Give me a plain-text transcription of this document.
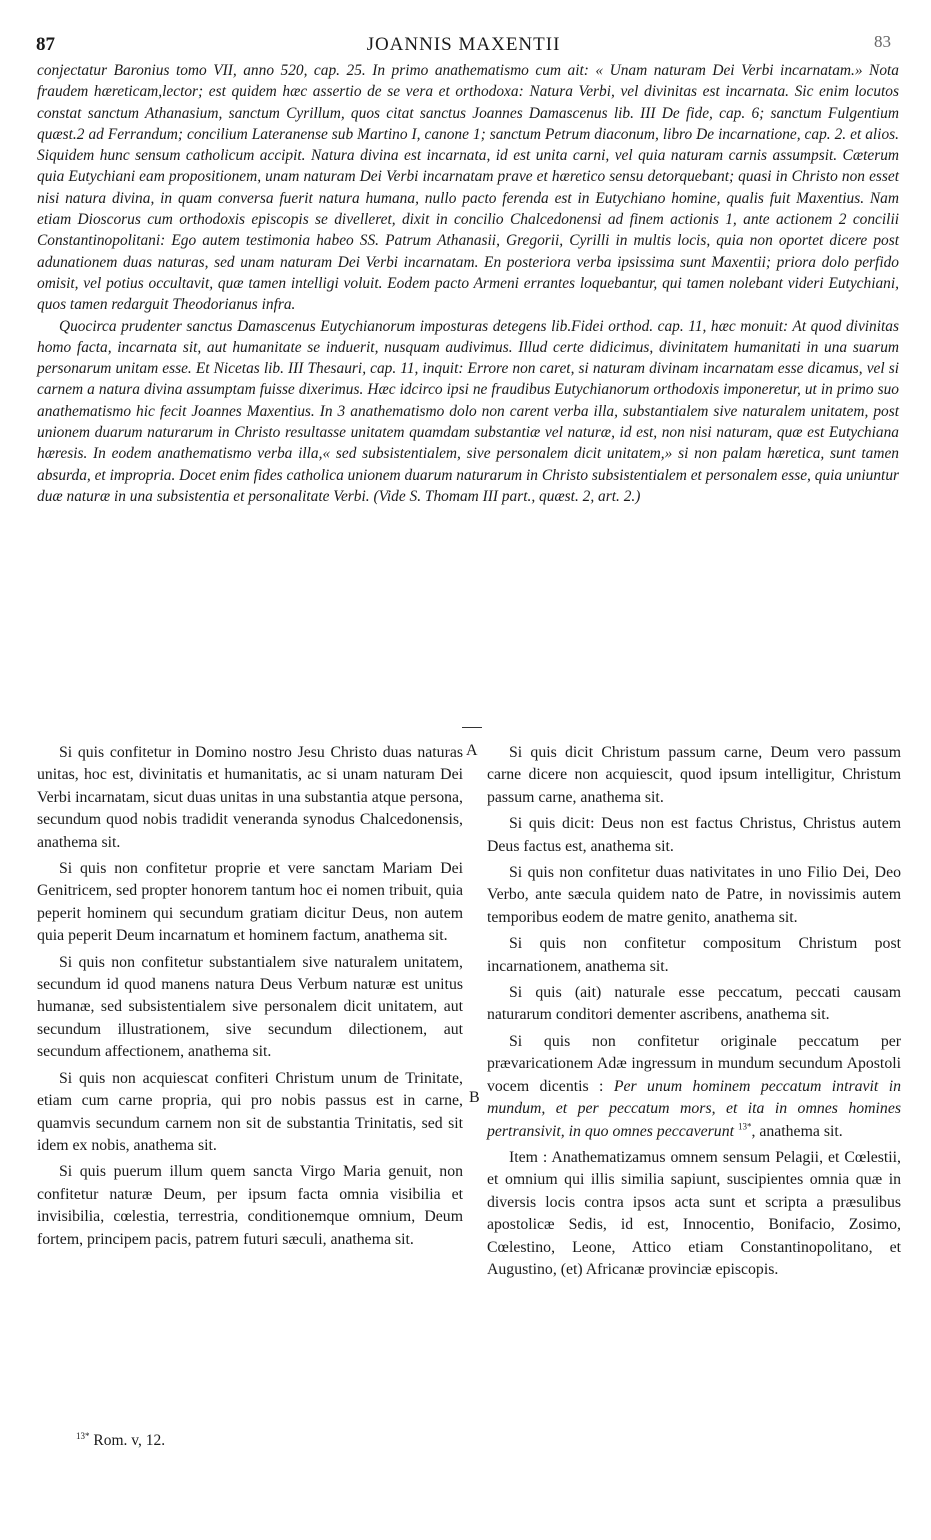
87	JOANNIS MAXENTII	83

conjectatur Baronius tomo VII, anno 520, cap. 25. In primo anathematismo cum ait: « Unam naturam Dei Verbi incarnatam.» Nota fraudem hæreticam,lector; est quidem hæc assertio de se vera et orthodoxa: Natura Verbi, vel divinitas est incarnata. Sic enim locutos constat sanctum Athanasium, sanctum Cyrillum, quos citat sanctus Joannes Damascenus lib. III De fide, cap. 6; sanctum Fulgentium quæst.2 ad Ferrandum; concilium Lateranense sub Martino I, canone 1; sanctum Petrum diaconum, libro De incarnatione, cap. 2. et alios. Siquidem hunc sensum catholicum accipit. Natura divina est incarnata, id est unita carni, vel quia naturam carnis assumpsit. Cæterum quia Eutychiani eam propositionem, unam naturam Dei Verbi incarnatam prave et hæretico sensu detorquebant; quasi in Christo non esset nisi natura divina, in quam conversa fuerit natura humana, nullo pacto ferenda est in Eutychiano homine, qualis fuit Maxentius. Nam etiam Dioscorus cum orthodoxis episcopis se divelleret, dixit in concilio Chalcedonensi ad finem actionis 1, ante actionem 2 concilii Constantinopolitani: Ego autem testimonia habeo SS. Patrum Athanasii, Gregorii, Cyrilli in multis locis, quia non oportet dicere post adunationem duas naturas, sed unam naturam Dei Verbi incarnatam. En posteriora verba ipsissima sunt Maxentii; priora dolo perfido omisit, vel potius occultavit, quæ tamen intelligi voluit. Eodem pacto Armeni errantes loquebantur, qui tamen nolebant videri Eutychiani, quos tamen redarguit Theodorianus infra.

Quocirca prudenter sanctus Damascenus Eutychianorum imposturas detegens lib.Fidei orthod. cap. 11, hæc monuit: At quod divinitas homo facta, incarnata sit, aut humanitate se induerit, nusquam audivimus. Illud certe didicimus, divinitatem humanitati in una suarum personarum unitam esse. Et Nicetas lib. III Thesauri, cap. 11, inquit: Errore non caret, si naturam divinam incarnatam esse dicamus, vel si carnem a natura divina assumptam fuisse dixerimus. Hæc idcirco ipsi ne fraudibus Eutychianorum orthodoxis imponeretur, ut in primo suo anathematismo hic fecit Joannes Maxentius. In 3 anathematismo dolo non carent verba illa, substantialem sive naturalem unitatem, post unionem duarum naturarum in Christo resultasse unitatem quamdam substantiæ vel naturæ, id est, non nisi naturam, quæ est Eutychiana hæresis. In eodem anathematismo verba illa,« sed subsistentialem, sive personalem dicit unitatem,» si non palam hæretica, sunt tamen absurda, et impropria. Docet enim fides catholica unionem duarum naturarum in Christo subsistentialem et personalem esse, quia uniuntur duæ naturæ in una subsistentia et personalitate Verbi. (Vide S. Thomam III part., quæst. 2, art. 2.)

A
B

Si quis confitetur in Domino nostro Jesu Christo duas naturas unitas, hoc est, divinitatis et humanitatis, ac si unam naturam Dei Verbi incarnatam, sicut duas unitas in una substantia atque persona, secundum quod nobis tradidit veneranda synodus Chalcedonensis, anathema sit.

Si quis non confitetur proprie et vere sanctam Mariam Dei Genitricem, sed propter honorem tantum hoc ei nomen tribuit, quia peperit hominem qui secundum gratiam dicitur Deus, non autem quia peperit Deum incarnatum et hominem factum, anathema sit.

Si quis non confitetur substantialem sive naturalem unitatem, secundum id quod manens natura Deus Verbum naturæ est unitus humanæ, sed subsistentialem sive personalem dicit unitatem, aut secundum illustrationem, sive secundum dilectionem, aut secundum affectionem, anathema sit.

Si quis non acquiescat confiteri Christum unum de Trinitate, etiam cum carne propria, qui pro nobis passus est in carne, quamvis secundum carnem non sit de substantia Trinitatis, sed sit idem ex nobis, anathema sit.

Si quis puerum illum quem sancta Virgo Maria genuit, non confitetur naturæ Deum, per ipsum facta omnia visibilia et invisibilia, cœlestia, terrestria, conditionemque omnium, Deum fortem, principem pacis, patrem futuri sæculi, anathema sit.

Si quis dicit Christum passum carne, Deum vero passum carne dicere non acquiescit, quod ipsum intelligitur, Christum passum carne, anathema sit.

Si quis dicit: Deus non est factus Christus, Christus autem Deus factus est, anathema sit.

Si quis non confitetur duas nativitates in uno Filio Dei, Deo Verbo, ante sæcula quidem nato de Patre, in novissimis autem temporibus eodem de matre genito, anathema sit.

Si quis non confitetur compositum Christum post incarnationem, anathema sit.

Si quis (ait) naturale esse peccatum, peccati causam naturarum conditori dementer ascribens, anathema sit.

Si quis non confitetur originale peccatum per prævaricationem Adæ ingressum in mundum secundum Apostoli vocem dicentis : Per unum hominem peccatum intravit in mundum, et per peccatum mors, et ita in omnes homines pertransivit, in quo omnes peccaverunt $^{13*}$, anathema sit.

Item : Anathematizamus omnem sensum Pelagii, et Cœlestii, et omnium qui illis similia sapiunt, suscipientes omnia quæ in diversis locis contra ipsos acta sunt et scripta a præsulibus apostolicæ Sedis, id est, Innocentio, Bonifacio, Zosimo, Cœlestino, Leone, Attico etiam Constantinopolitano, et Augustino, (et) Africanæ provinciæ episcopis.

$^{13*}$ Rom. v, 12.
